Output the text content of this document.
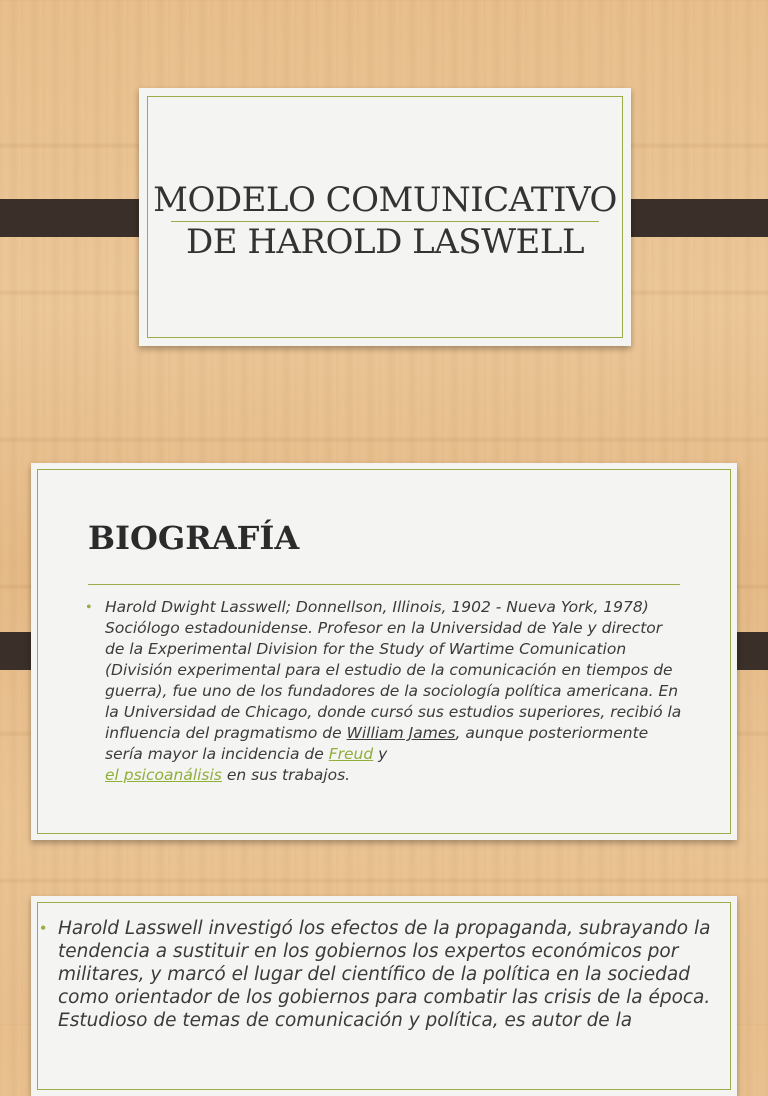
MODELO COMUNICATIVO
DE HAROLD LASWELL
BIOGRAFÍA
• Harold Dwight Lasswell; Donnellson, Illinois, 1902 - Nueva York, 1978) Sociólogo estadounidense. Profesor en la Universidad de Yale y director de la Experimental Division for the Study of Wartime Comunication (División experimental para el estudio de la comunicación en tiempos de guerra), fue uno de los fundadores de la sociología política americana. En la Universidad de Chicago, donde cursó sus estudios superiores, recibió la influencia del pragmatismo de William James, aunque posteriormente sería mayor la incidencia de Freud y
el psicoanálisis en sus trabajos.
• Harold Lasswell investigó los efectos de la propaganda, subrayando la tendencia a sustituir en los gobiernos los expertos económicos por militares, y marcó el lugar del científico de la política en la sociedad como orientador de los gobiernos para combatir las crisis de la época. Estudioso de temas de comunicación y política, es autor de la
